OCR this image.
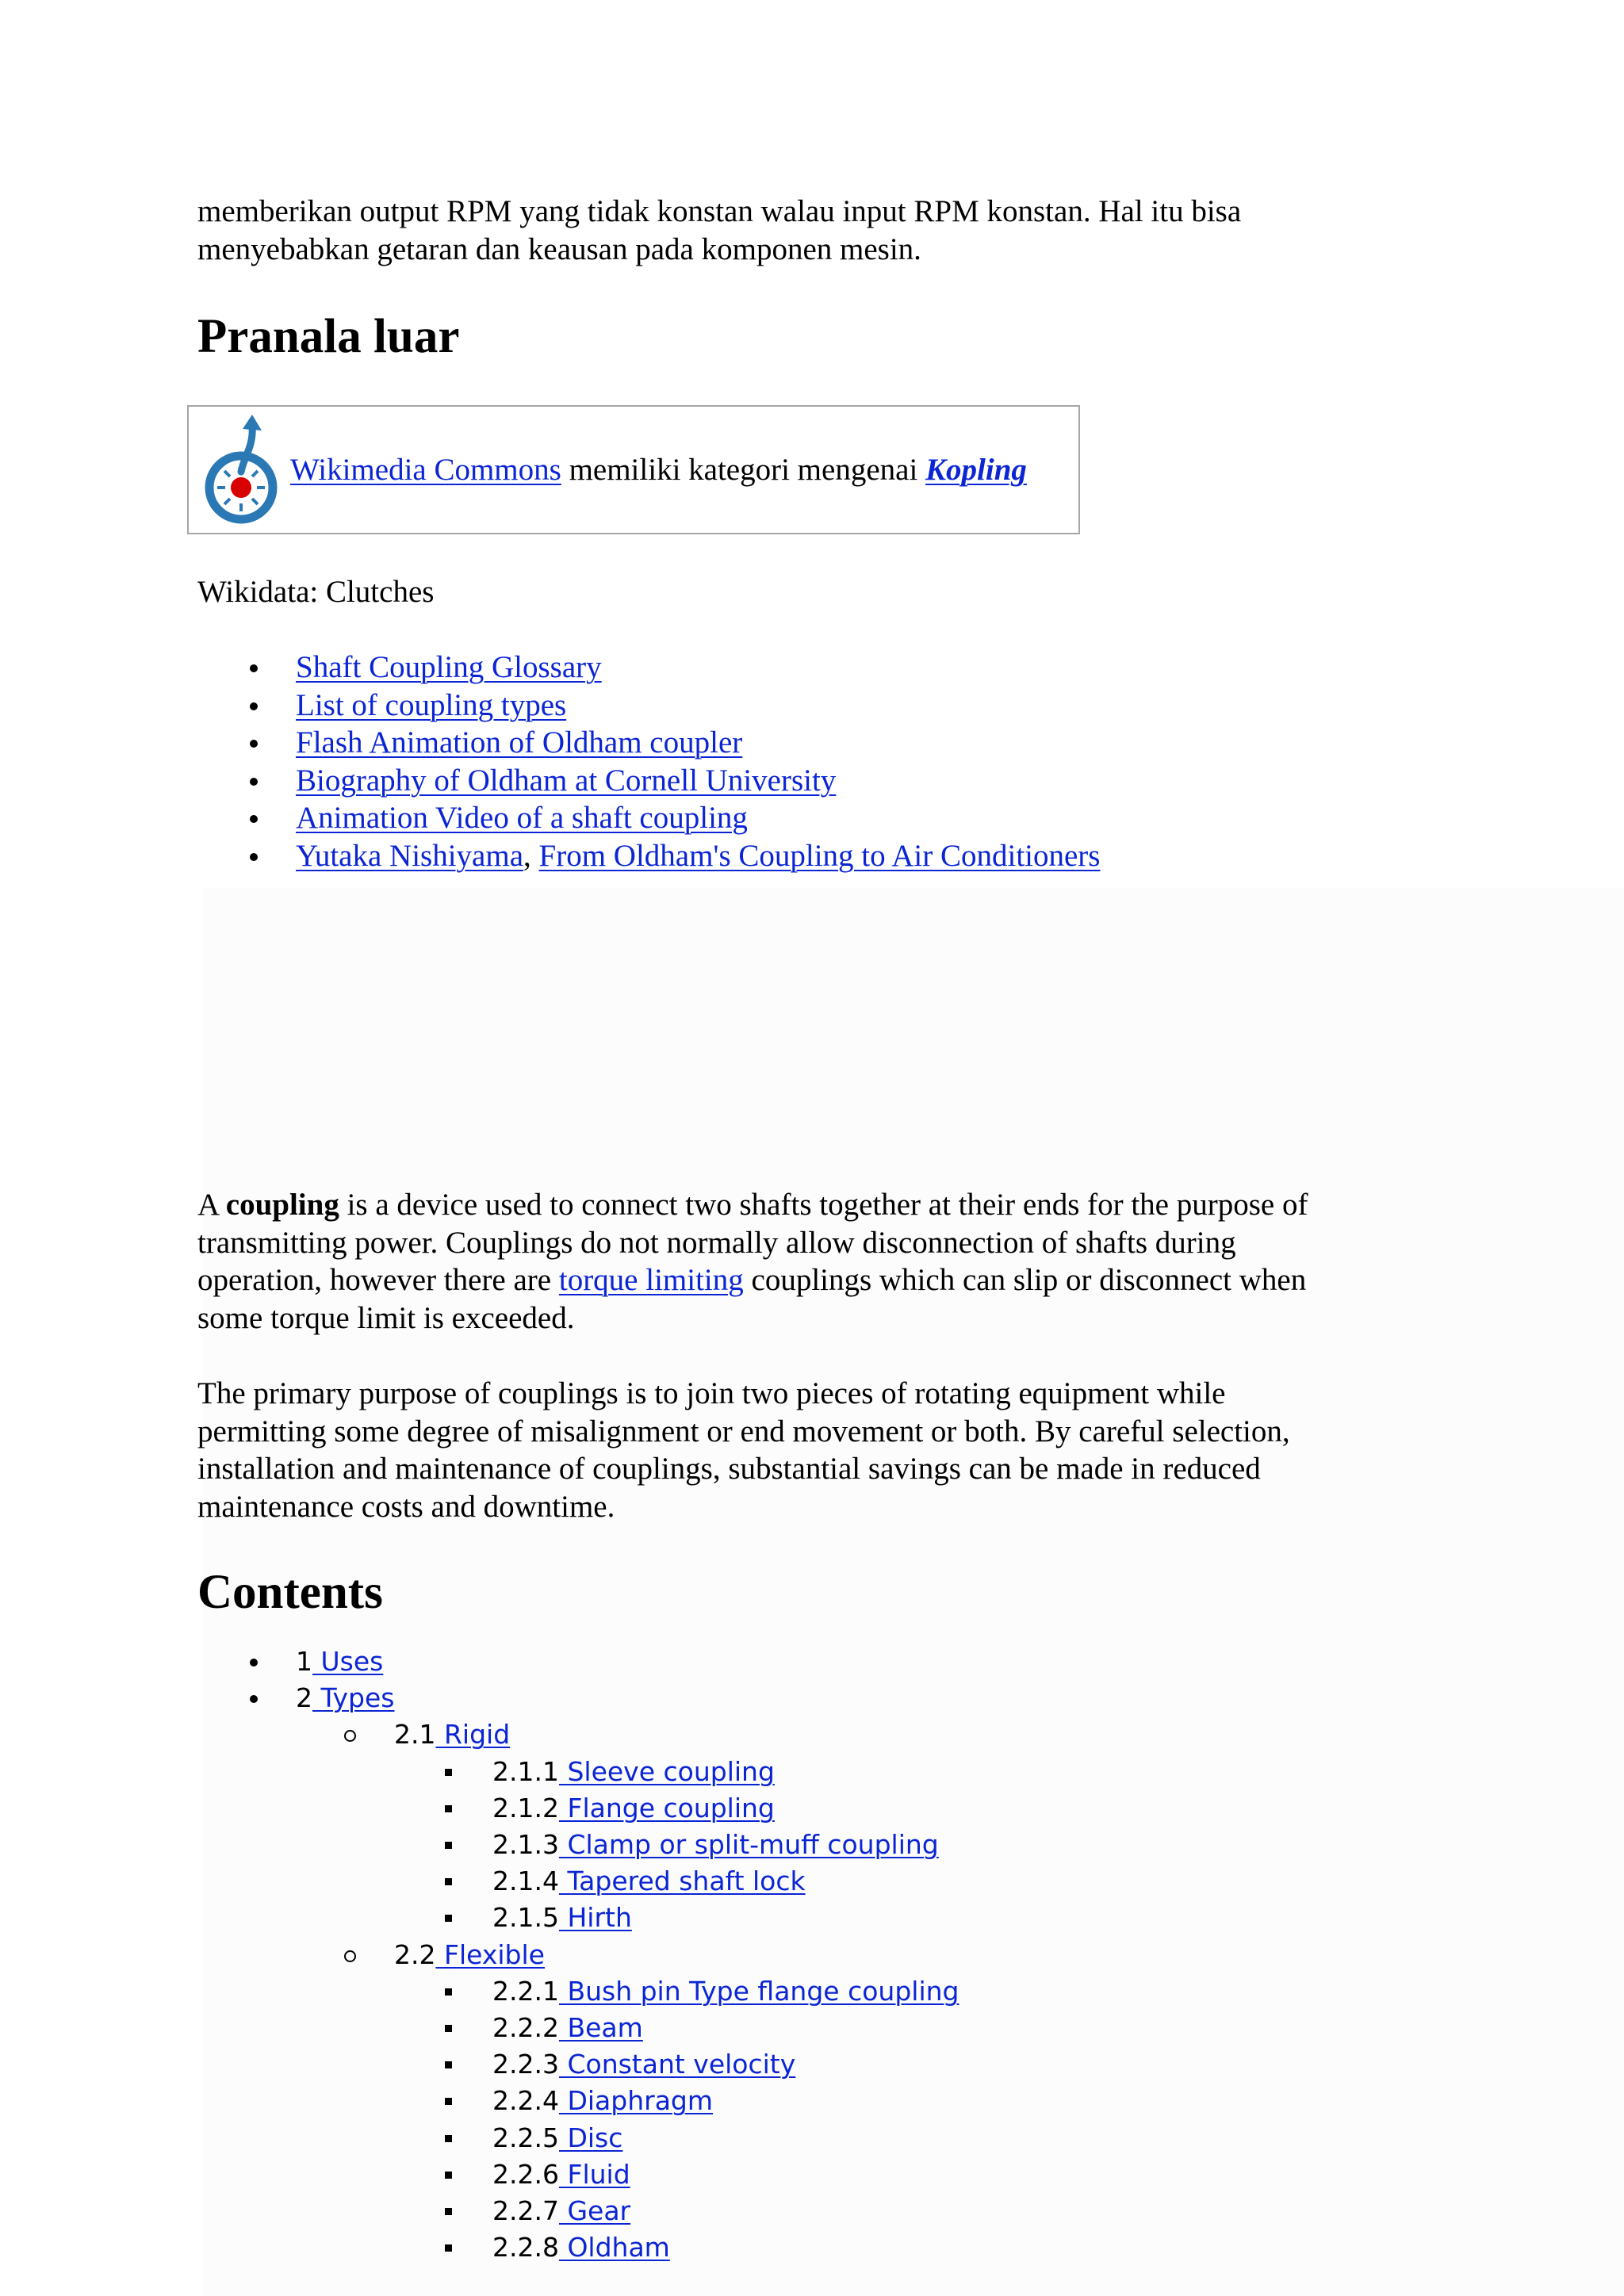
memberikan output RPM yang tidak konstan walau input RPM konstan. Hal itu bisa

menyebabkan getaran dan keausan pada komponen mesin.

Pranala luar
Wikimedia Commons memiliki kategori mengenai Kopling

Wikidata: Clutches

Shaft Coupling Glossary
List of coupling types
Flash Animation of Oldham coupler
Biography of Oldham at Cornell University
Animation Video of a shaft coupling
Yutaka Nishiyama, From Oldham's Coupling to Air Conditioners

A coupling is a device used to connect two shafts together at their ends for the purpose of

transmitting power. Couplings do not normally allow disconnection of shafts during

operation, however there are torque limiting couplings which can slip or disconnect when

some torque limit is exceeded.

The primary purpose of couplings is to join two pieces of rotating equipment while

permitting some degree of misalignment or end movement or both. By careful selection,

installation and maintenance of couplings, substantial savings can be made in reduced

maintenance costs and downtime.

Contents
1 Uses
2 Types
2.1 Rigid
2.1.1 Sleeve coupling
2.1.2 Flange coupling
2.1.3 Clamp or split-muff coupling
2.1.4 Tapered shaft lock
2.1.5 Hirth
2.2 Flexible
2.2.1 Bush pin Type flange coupling
2.2.2 Beam
2.2.3 Constant velocity
2.2.4 Diaphragm
2.2.5 Disc
2.2.6 Fluid
2.2.7 Gear
2.2.8 Oldham
